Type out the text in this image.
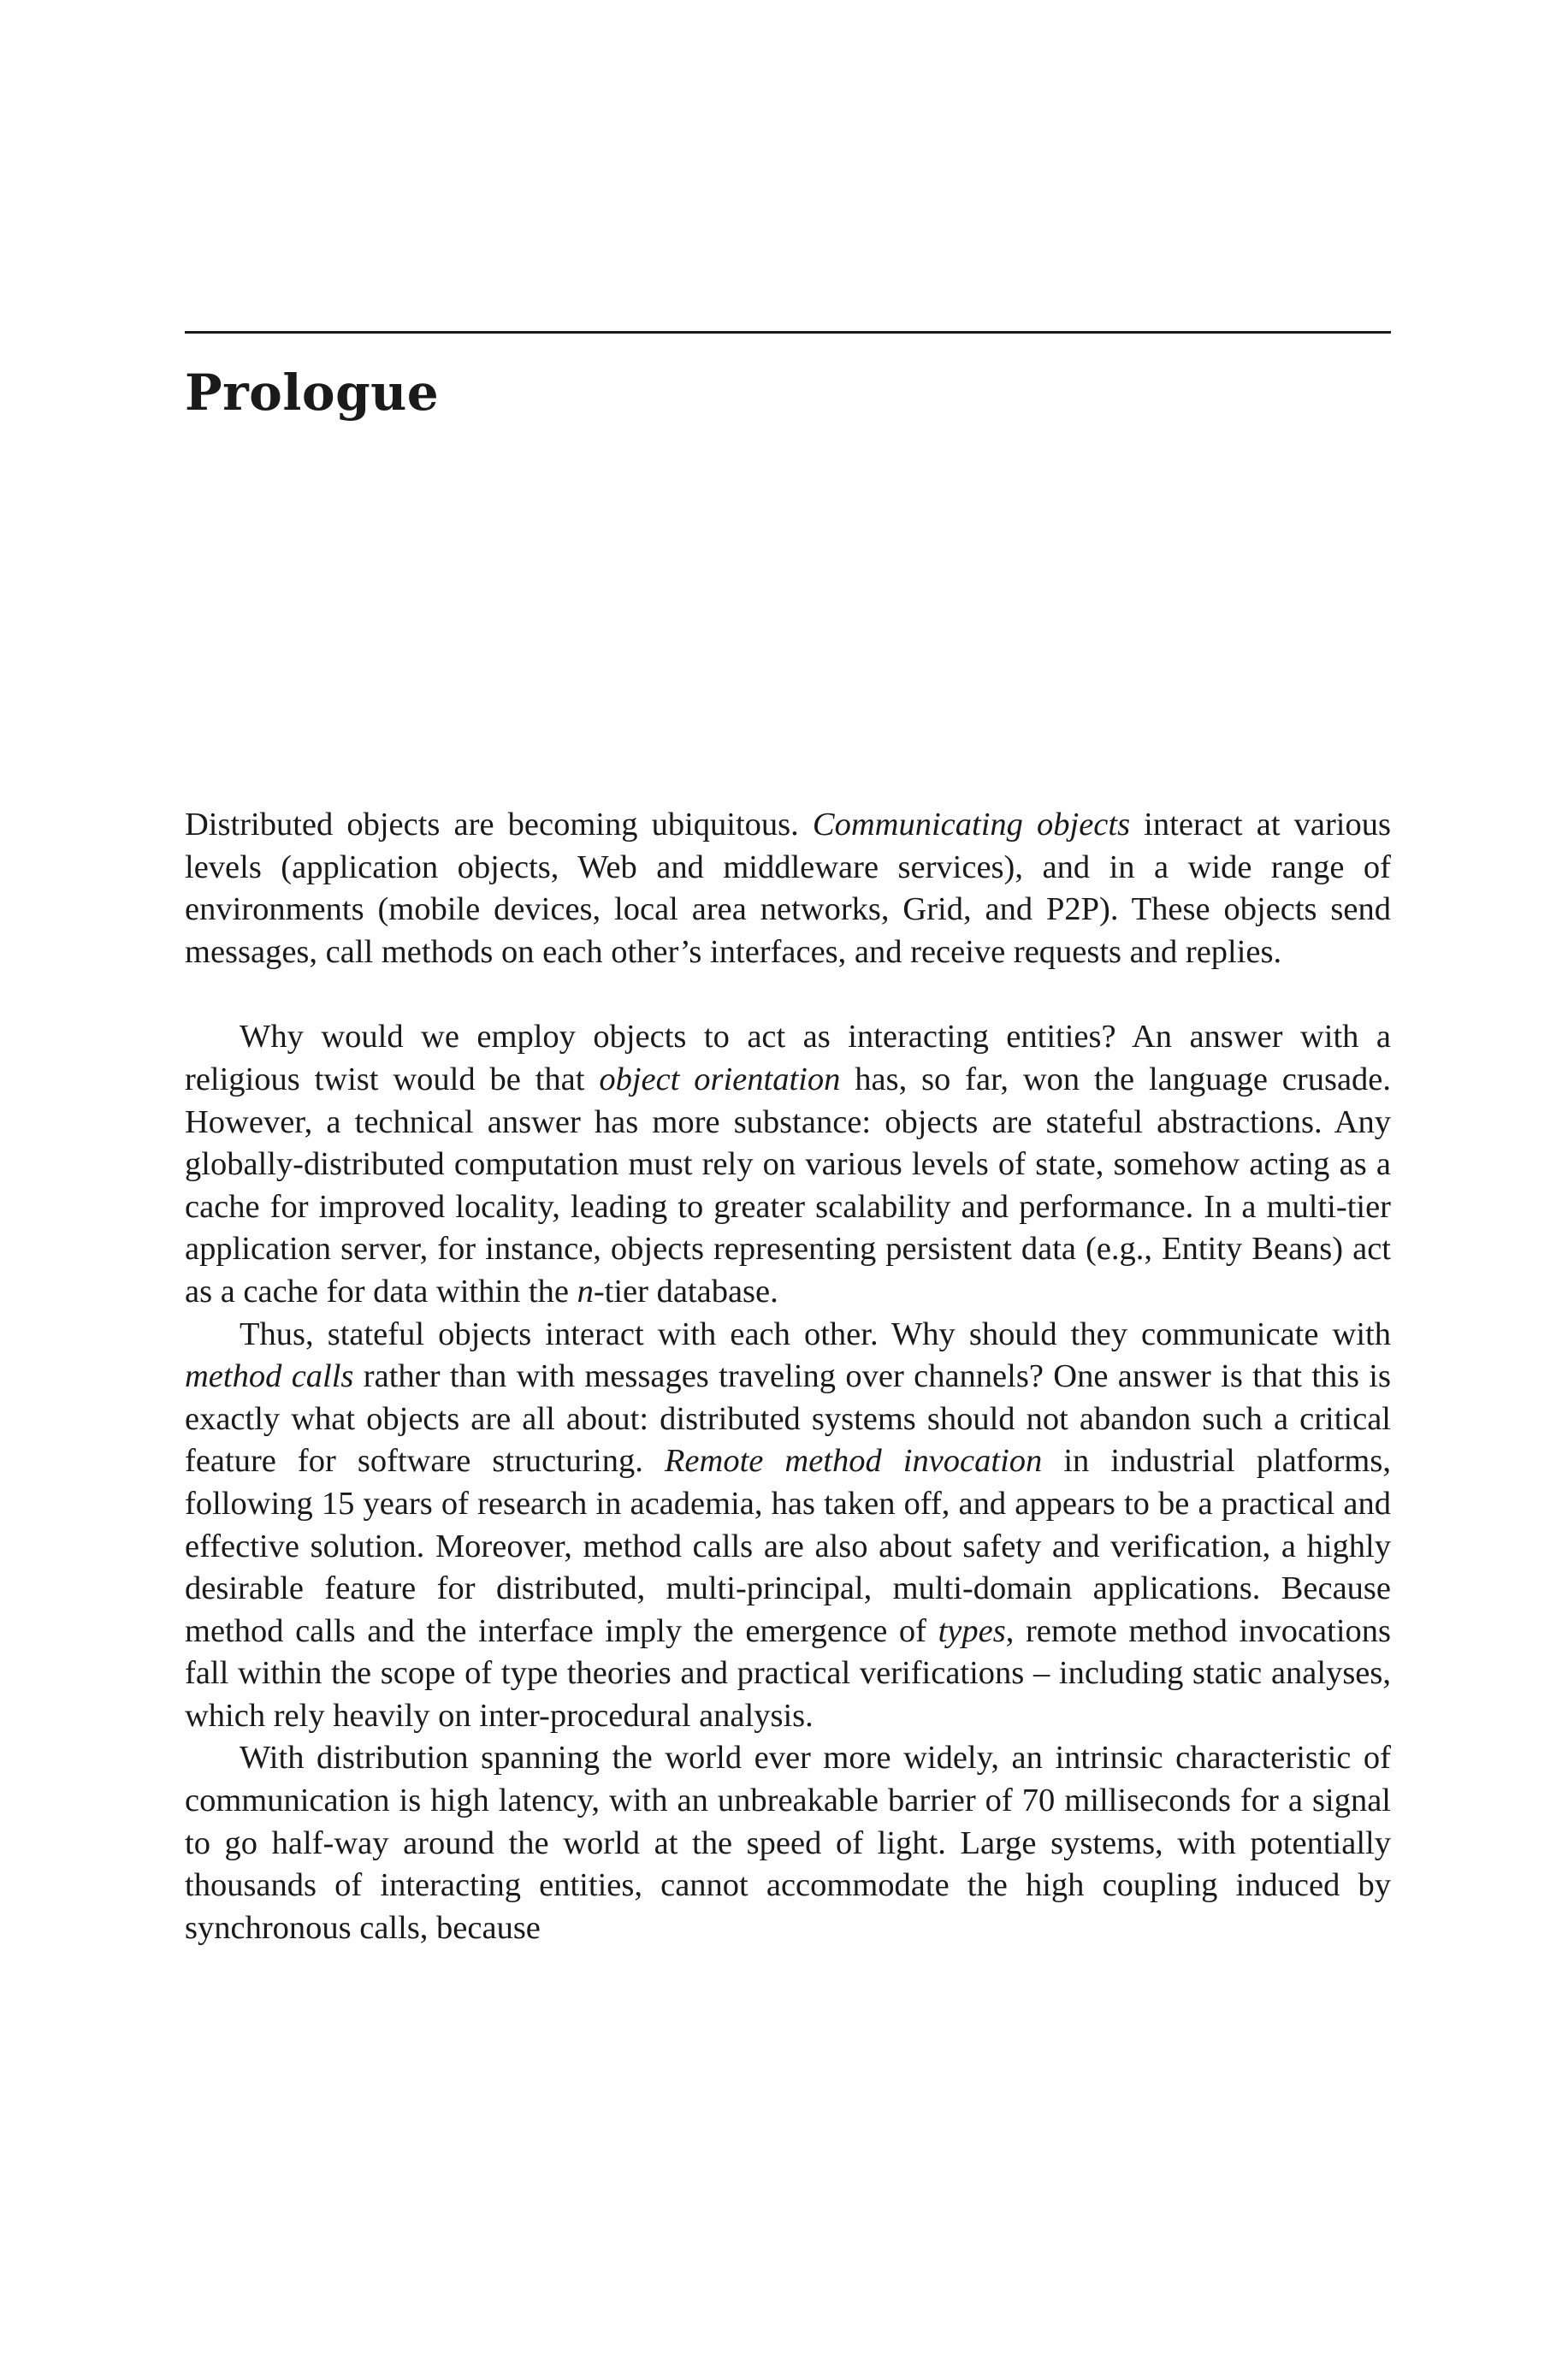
Prologue

Distributed objects are becoming ubiquitous. Communicating objects interact at various levels (application objects, Web and middleware services), and in a wide range of environments (mobile devices, local area networks, Grid, and P2P). These objects send messages, call methods on each other’s interfaces, and receive requests and replies.

Why would we employ objects to act as interacting entities? An answer with a religious twist would be that object orientation has, so far, won the language crusade. However, a technical answer has more substance: objects are stateful abstractions. Any globally-distributed computation must rely on various levels of state, somehow acting as a cache for improved locality, leading to greater scalability and performance. In a multi-tier application server, for instance, objects representing persistent data (e.g., Entity Beans) act as a cache for data within the n-tier database.

Thus, stateful objects interact with each other. Why should they communicate with method calls rather than with messages traveling over channels? One answer is that this is exactly what objects are all about: distributed systems should not abandon such a critical feature for software structuring. Remote method invocation in industrial platforms, following 15 years of research in academia, has taken off, and appears to be a practical and effective solution. Moreover, method calls are also about safety and verification, a highly desirable feature for distributed, multi-principal, multi-domain applications. Because method calls and the interface imply the emergence of types, remote method invocations fall within the scope of type theories and practical verifications – including static analyses, which rely heavily on inter-procedural analysis.

With distribution spanning the world ever more widely, an intrinsic characteristic of communication is high latency, with an unbreakable barrier of 70 milliseconds for a signal to go half-way around the world at the speed of light. Large systems, with potentially thousands of interacting entities, cannot accommodate the high coupling induced by synchronous calls, because
